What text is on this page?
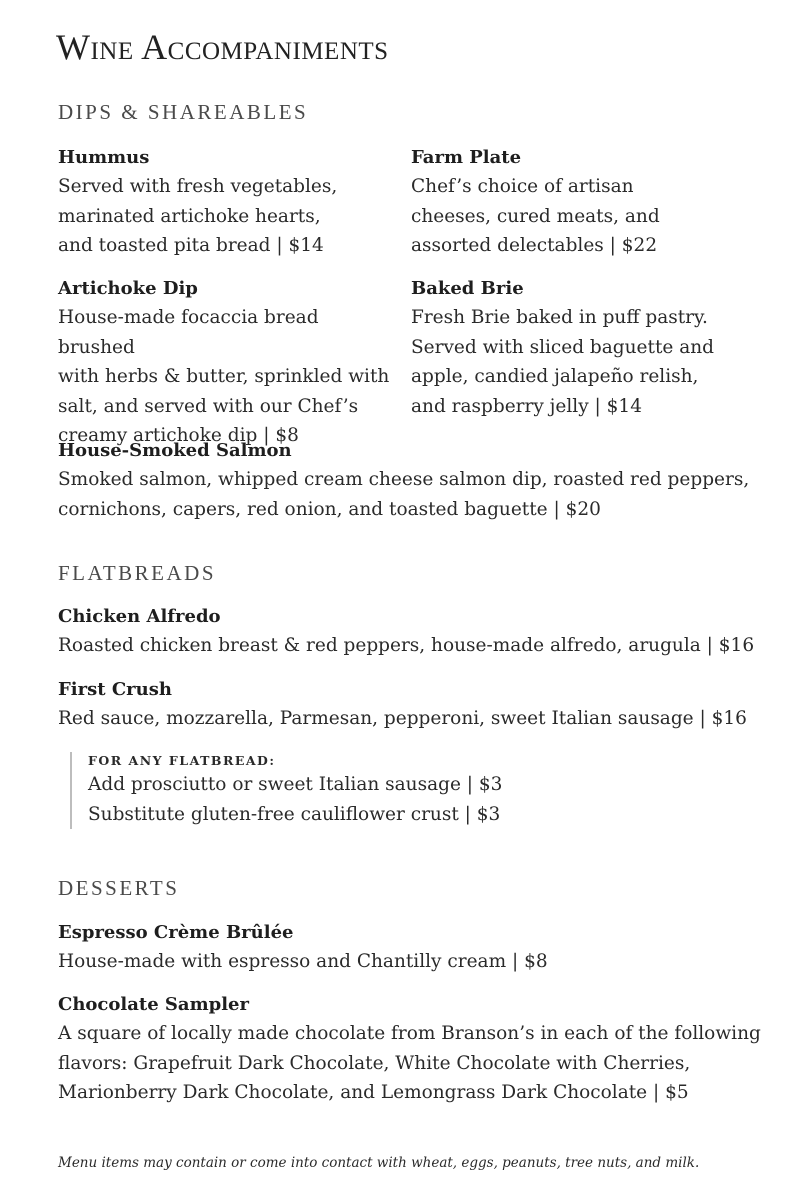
Wine Accompaniments
DIPS & SHAREABLES
Hummus
Served with fresh vegetables,
marinated artichoke hearts,
and toasted pita bread | $14
Farm Plate
Chef’s choice of artisan
cheeses, cured meats, and
assorted delectables | $22
Artichoke Dip
House-made focaccia bread brushed
with herbs & butter, sprinkled with
salt, and served with our Chef’s
creamy artichoke dip | $8
Baked Brie
Fresh Brie baked in puff pastry.
Served with sliced baguette and
apple, candied jalapeño relish,
and raspberry jelly | $14
House-Smoked Salmon
Smoked salmon, whipped cream cheese salmon dip, roasted red peppers,
cornichons, capers, red onion, and toasted baguette | $20
FLATBREADS
Chicken Alfredo
Roasted chicken breast & red peppers, house-made alfredo, arugula | $16
First Crush
Red sauce, mozzarella, Parmesan, pepperoni, sweet Italian sausage | $16
FOR ANY FLATBREAD:
Add prosciutto or sweet Italian sausage | $3
Substitute gluten-free cauliflower crust | $3
DESSERTS
Espresso Crème Brûlée
House-made with espresso and Chantilly cream | $8
Chocolate Sampler
A square of locally made chocolate from Branson’s in each of the following
flavors: Grapefruit Dark Chocolate, White Chocolate with Cherries,
Marionberry Dark Chocolate, and Lemongrass Dark Chocolate | $5
Menu items may contain or come into contact with wheat, eggs, peanuts, tree nuts, and milk.
